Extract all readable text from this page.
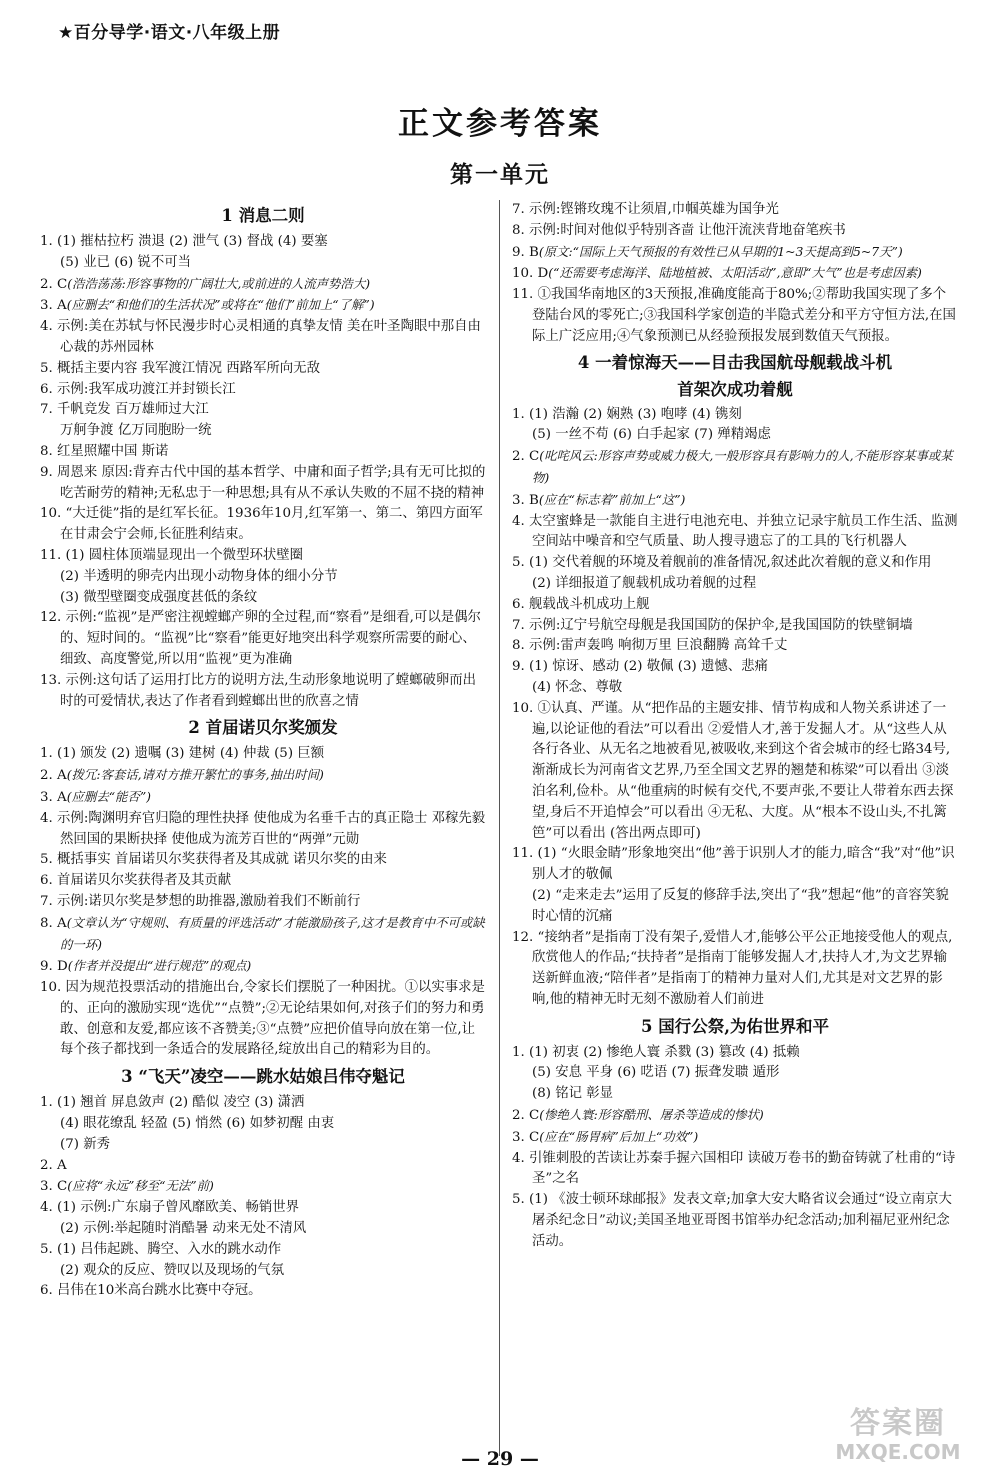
★百分导学·语文·八年级上册
正文参考答案
第一单元
1 消息二则
1. (1) 摧枯拉朽 溃退 (2) 泄气 (3) 督战 (4) 要塞
(5) 业已 (6) 锐不可当
2. C(浩浩荡荡:形容事物的广阔壮大,或前进的人流声势浩大)
3. A(应删去“和他们的生活状况”或将在“他们”前加上“了解”)
4. 示例:美在苏轼与怀民漫步时心灵相通的真挚友情 美在叶圣陶眼中那自由心裁的苏州园林
5. 概括主要内容 我军渡江情况 西路军所向无敌
6. 示例:我军成功渡江并封锁长江
7. 千帆竞发 百万雄师过大江
万舸争渡 亿万同胞盼一统
8. 红星照耀中国 斯诺
9. 周恩来 原因:背弃古代中国的基本哲学、中庸和面子哲学;具有无可比拟的吃苦耐劳的精神;无私忠于一种思想;具有从不承认失败的不屈不挠的精神
10. “大迁徙”指的是红军长征。1936年10月,红军第一、第二、第四方面军在甘肃会宁会师,长征胜利结束。
11. (1) 圆柱体顶端显现出一个微型环状壁圈
(2) 半透明的卵壳内出现小动物身体的细小分节
(3) 微型壁圈变成强度甚低的条纹
12. 示例:“监视”是严密注视螳螂产卵的全过程,而“察看”是细看,可以是偶尔的、短时间的。“监视”比“察看”能更好地突出科学观察所需要的耐心、细致、高度警觉,所以用“监视”更为准确
13. 示例:这句话了运用打比方的说明方法,生动形象地说明了螳螂破卵而出时的可爱情状,表达了作者看到螳螂出世的欣喜之情
2 首届诺贝尔奖颁发
1. (1) 颁发 (2) 遗嘱 (3) 建树 (4) 仲裁 (5) 巨额
2. A(拨冗:客套话,请对方推开繁忙的事务,抽出时间)
3. A(应删去“能否”)
4. 示例:陶渊明弃官归隐的理性抉择 使他成为名垂千古的真正隐士 邓稼先毅然回国的果断抉择 使他成为流芳百世的“两弹”元勋
5. 概括事实 首届诺贝尔奖获得者及其成就 诺贝尔奖的由来
6. 首届诺贝尔奖获得者及其贡献
7. 示例:诺贝尔奖是梦想的助推器,激励着我们不断前行
8. A(文章认为“守规则、有质量的评选活动”才能激励孩子,这才是教育中不可或缺的一环)
9. D(作者并没提出“进行规范”的观点)
10. 因为规范投票活动的措施出台,令家长们摆脱了一种困扰。①以实事求是的、正向的激励实现“选优”“点赞”;②无论结果如何,对孩子们的努力和勇敢、创意和友爱,都应该不吝赞美;③“点赞”应把价值导向放在第一位,让每个孩子都找到一条适合的发展路径,绽放出自己的精彩为目的。
3 “飞天”凌空——跳水姑娘吕伟夺魁记
1. (1) 翘首 屏息敛声 (2) 酷似 凌空 (3) 潇洒
(4) 眼花缭乱 轻盈 (5) 悄然 (6) 如梦初醒 由衷
(7) 新秀
2. A
3. C(应将“永远”移至“无法”前)
4. (1) 示例:广东扇子曾风靡欧美、畅销世界
(2) 示例:举起随时消酷暑 动来无处不清风
5. (1) 吕伟起跳、腾空、入水的跳水动作
(2) 观众的反应、赞叹以及现场的气氛
6. 吕伟在10米高台跳水比赛中夺冠。
7. 示例:铿锵玫瑰不让须眉,巾帼英雄为国争光
8. 示例:时间对他似乎特别吝啬 让他汗流浃背地奋笔疾书
9. B(原文:“国际上天气预报的有效性已从早期的1~3天提高到5~7天”)
10. D(“还需要考虑海洋、陆地植被、太阳活动”,意即“大气”也是考虑因素)
11. ①我国华南地区的3天预报,准确度能高于80%;②帮助我国实现了多个登陆台风的零死亡;③我国科学家创造的半隐式差分和平方守恒方法,在国际上广泛应用;④气象预测已从经验预报发展到数值天气预报。
4 一着惊海天——目击我国航母舰载战斗机
首架次成功着舰
1. (1) 浩瀚 (2) 娴熟 (3) 咆哮 (4) 镌刻
(5) 一丝不苟 (6) 白手起家 (7) 殚精竭虑
2. C(叱咤风云:形容声势或威力极大,一般形容具有影响力的人,不能形容某事或某物)
3. B(应在“标志着”前加上“这”)
4. 太空蜜蜂是一款能自主进行电池充电、并独立记录宇航员工作生活、监测空间站中噪音和空气质量、助人搜寻遗忘了的工具的飞行机器人
5. (1) 交代着舰的环境及着舰前的准备情况,叙述此次着舰的意义和作用
(2) 详细报道了舰载机成功着舰的过程
6. 舰载战斗机成功上舰
7. 示例:辽宁号航空母舰是我国国防的保护伞,是我国国防的铁壁铜墙
8. 示例:雷声轰鸣 响彻万里 巨浪翻腾 高耸千丈
9. (1) 惊讶、感动 (2) 敬佩 (3) 遗憾、悲痛
(4) 怀念、尊敬
10. ①认真、严谨。从“把作品的主题安排、情节构成和人物关系讲述了一遍,以论证他的看法”可以看出 ②爱惜人才,善于发掘人才。从“这些人从各行各业、从无名之地被看见,被吸收,来到这个省会城市的经七路34号,渐渐成长为河南省文艺界,乃至全国文艺界的翘楚和栋梁”可以看出 ③淡泊名利,俭朴。从“他重病的时候有交代,不要声张,不要让人带着东西去探望,身后不开追悼会”可以看出 ④无私、大度。从“根本不设山头,不扎篱笆”可以看出 (答出两点即可)
11. (1) “火眼金睛”形象地突出“他”善于识别人才的能力,暗含“我”对“他”识别人才的敬佩
(2) “走来走去”运用了反复的修辞手法,突出了“我”想起“他”的音容笑貌时心情的沉痛
12. “接纳者”是指南丁没有架子,爱惜人才,能够公平公正地接受他人的观点,欣赏他人的作品;“扶持者”是指南丁能够发掘人才,扶持人才,为文艺界输送新鲜血液;“陪伴者”是指南丁的精神力量对人们,尤其是对文艺界的影响,他的精神无时无刻不激励着人们前进
5 国行公祭,为佑世界和平
1. (1) 初衷 (2) 惨绝人寰 杀戮 (3) 篡改 (4) 抵赖
(5) 安息 平身 (6) 呓语 (7) 振聋发聩 遁形
(8) 铭记 彰显
2. C(惨绝人寰:形容酷刑、屠杀等造成的惨状)
3. C(应在“肠胃病”后加上“功效”)
4. 引锥刺股的苦读让苏秦手握六国相印 读破万卷书的勤奋铸就了杜甫的“诗圣”之名
5. (1) 《波士顿环球邮报》发表文章;加拿大安大略省议会通过“设立南京大屠杀纪念日”动议;美国圣地亚哥图书馆举办纪念活动;加利福尼亚州纪念活动。
— 29 —
答案圈
MXQE.COM
